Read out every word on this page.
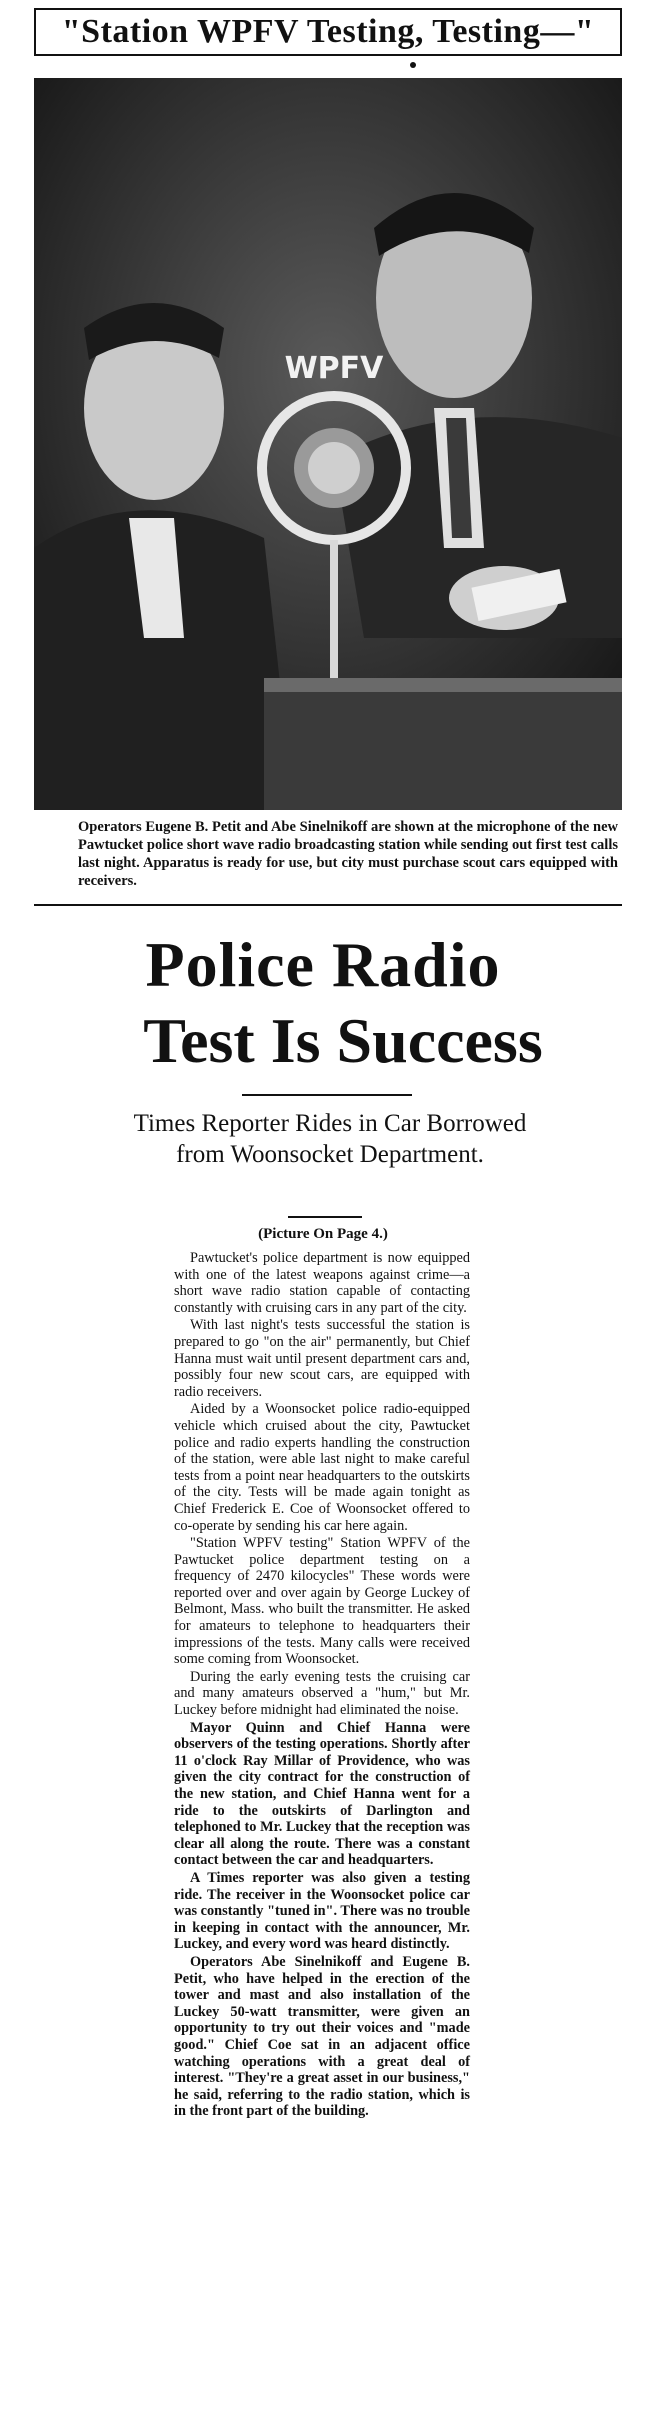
"Station WPFV Testing, Testing—"
WPFV
Operators Eugene B. Petit and Abe Sinelnikoff are shown at the microphone of the new Pawtucket police short wave radio broadcasting station while sending out first test calls last night. Apparatus is ready for use, but city must purchase scout cars equipped with receivers.
Police Radio
Test Is Success
Times Reporter Rides in Car Borrowed from Woonsocket Department.
(Picture On Page 4.)

Pawtucket's police department is now equipped with one of the latest weapons against crime—a short wave radio station capable of contacting constantly with cruising cars in any part of the city.

With last night's tests successful the station is prepared to go "on the air" permanently, but Chief Hanna must wait until present department cars and, possibly four new scout cars, are equipped with radio receivers.

Aided by a Woonsocket police radio-equipped vehicle which cruised about the city, Pawtucket police and radio experts handling the construction of the station, were able last night to make careful tests from a point near headquarters to the outskirts of the city. Tests will be made again tonight as Chief Frederick E. Coe of Woonsocket offered to co-operate by sending his car here again.

"Station WPFV testing" Station WPFV of the Pawtucket police department testing on a frequency of 2470 kilocycles" These words were reported over and over again by George Luckey of Belmont, Mass. who built the transmitter. He asked for amateurs to telephone to headquarters their impressions of the tests. Many calls were received some coming from Woonsocket.

During the early evening tests the cruising car and many amateurs observed a "hum," but Mr. Luckey before midnight had eliminated the noise.

Mayor Quinn and Chief Hanna were observers of the testing operations. Shortly after 11 o'clock Ray Millar of Providence, who was given the city contract for the construction of the new station, and Chief Hanna went for a ride to the outskirts of Darlington and telephoned to Mr. Luckey that the reception was clear all along the route. There was a constant contact between the car and headquarters.

A Times reporter was also given a testing ride. The receiver in the Woonsocket police car was constantly "tuned in". There was no trouble in keeping in contact with the announcer, Mr. Luckey, and every word was heard distinctly.

Operators Abe Sinelnikoff and Eugene B. Petit, who have helped in the erection of the tower and mast and also installation of the Luckey 50-watt transmitter, were given an opportunity to try out their voices and "made good." Chief Coe sat in an adjacent office watching operations with a great deal of interest. "They're a great asset in our business," he said, referring to the radio station, which is in the front part of the building.
